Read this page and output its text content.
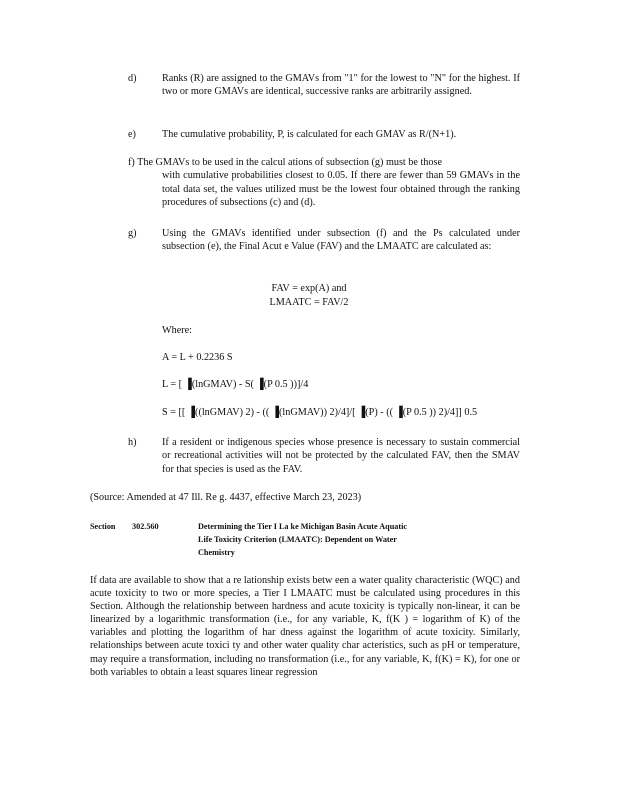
d)	Ranks (R) are assigned to the GMAVs from "1" for the lowest to "N" for the highest. If two or more GMAVs are identical, successive ranks are arbitrarily assigned.
e)	The cumulative probability, P, is calculated for each GMAV as R/(N+1).
f) The GMAVs to be used in the calcul ations of subsection (g) must be those
with cumulative probabilities closest to 0.05. If there are fewer than 59 GMAVs in the total data set, the values utilized must be the lowest four obtained through the ranking procedures of subsections (c) and (d).
g)	Using the GMAVs identified under subsection (f) and the Ps calculated under subsection (e), the Final Acut e Value (FAV) and the LMAATC are calculated as:
FAV = exp(A) and
LMAATC = FAV/2
Where:
A = L + 0.2236 S
L = [ ▐(lnGMAV) - S( ▐(P 0.5 ))]/4
S = [[ ▐((lnGMAV) 2) - (( ▐(lnGMAV)) 2)/4]/[ ▐(P) - (( ▐(P 0.5 )) 2)/4]] 0.5
h)	If a resident or indigenous species whose presence is necessary to sustain commercial or recreational activities will not be protected by the calculated FAV, then the SMAV for that species is used as the FAV.
(Source: Amended at 47 Ill. Re g. 4437, effective March 23, 2023)
Section 302.560	Determining the Tier I La ke Michigan Basin Acute Aquatic
Life Toxicity Criterion (LMAATC): Dependent on Water
Chemistry
If data are available to show that a re lationship exists betw een a water quality characteristic (WQC) and acute toxicity to two or more species, a Tier I LMAATC must be calculated using procedures in this Section. Although the relationship between hardness and acute toxicity is typically non-linear, it can be linearized by a logarithmic transformation (i.e., for any variable, K, f(K ) = logarithm of K) of the variables and plotting the logarithm of har dness against the logarithm of acute toxicity. Similarly, relationships between acute toxici ty and other water quality char acteristics, such as pH or temperature, may require a transformation, including no transformation (i.e., for any variable, K, f(K) = K), for one or both variables to obtain a least squares linear regression
